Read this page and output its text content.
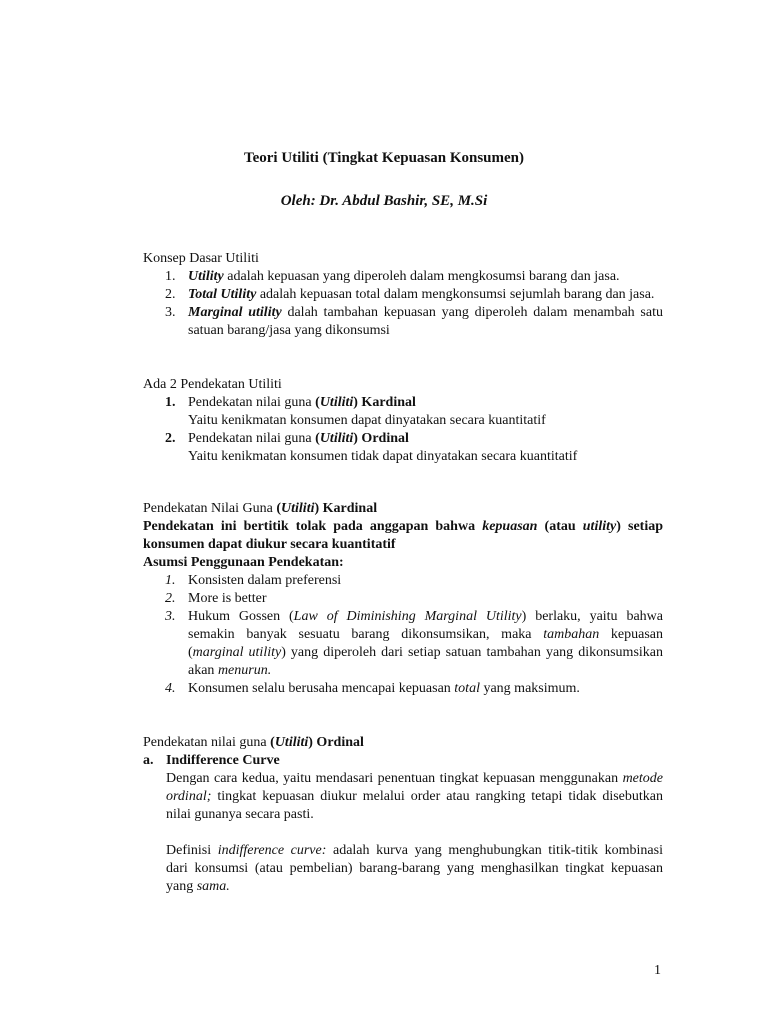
Teori Utiliti (Tingkat Kepuasan Konsumen)
Oleh: Dr. Abdul Bashir, SE, M.Si

Konsep Dasar Utiliti

1. Utility adalah kepuasan yang diperoleh dalam mengkosumsi barang dan jasa.
2. Total Utility adalah kepuasan total dalam mengkonsumsi sejumlah barang dan jasa.
3. Marginal utility dalah tambahan kepuasan yang diperoleh dalam menambah satu satuan barang/jasa yang dikonsumsi

Ada 2 Pendekatan Utiliti

1. Pendekatan nilai guna (Utiliti) Kardinal
Yaitu kenikmatan konsumen dapat dinyatakan secara kuantitatif
2. Pendekatan nilai guna (Utiliti) Ordinal
Yaitu kenikmatan konsumen tidak dapat dinyatakan secara kuantitatif

Pendekatan Nilai Guna (Utiliti) Kardinal

Pendekatan ini bertitik tolak pada anggapan bahwa kepuasan (atau utility) setiap konsumen dapat diukur secara kuantitatif

Asumsi Penggunaan Pendekatan:

1. Konsisten dalam preferensi
2. More is better
3. Hukum Gossen (Law of Diminishing Marginal Utility) berlaku, yaitu bahwa semakin banyak sesuatu barang dikonsumsikan, maka tambahan kepuasan (marginal utility) yang diperoleh dari setiap satuan tambahan yang dikonsumsikan akan menurun.
4. Konsumen selalu berusaha mencapai kepuasan total yang maksimum.

Pendekatan nilai guna (Utiliti) Ordinal

a. Indifference Curve

Dengan cara kedua, yaitu mendasari penentuan tingkat kepuasan menggunakan metode ordinal; tingkat kepuasan diukur melalui order atau rangking tetapi tidak disebutkan nilai gunanya secara pasti.

Definisi indifference curve: adalah kurva yang menghubungkan titik-titik kombinasi dari konsumsi (atau pembelian) barang-barang yang menghasilkan tingkat kepuasan yang sama.

1
